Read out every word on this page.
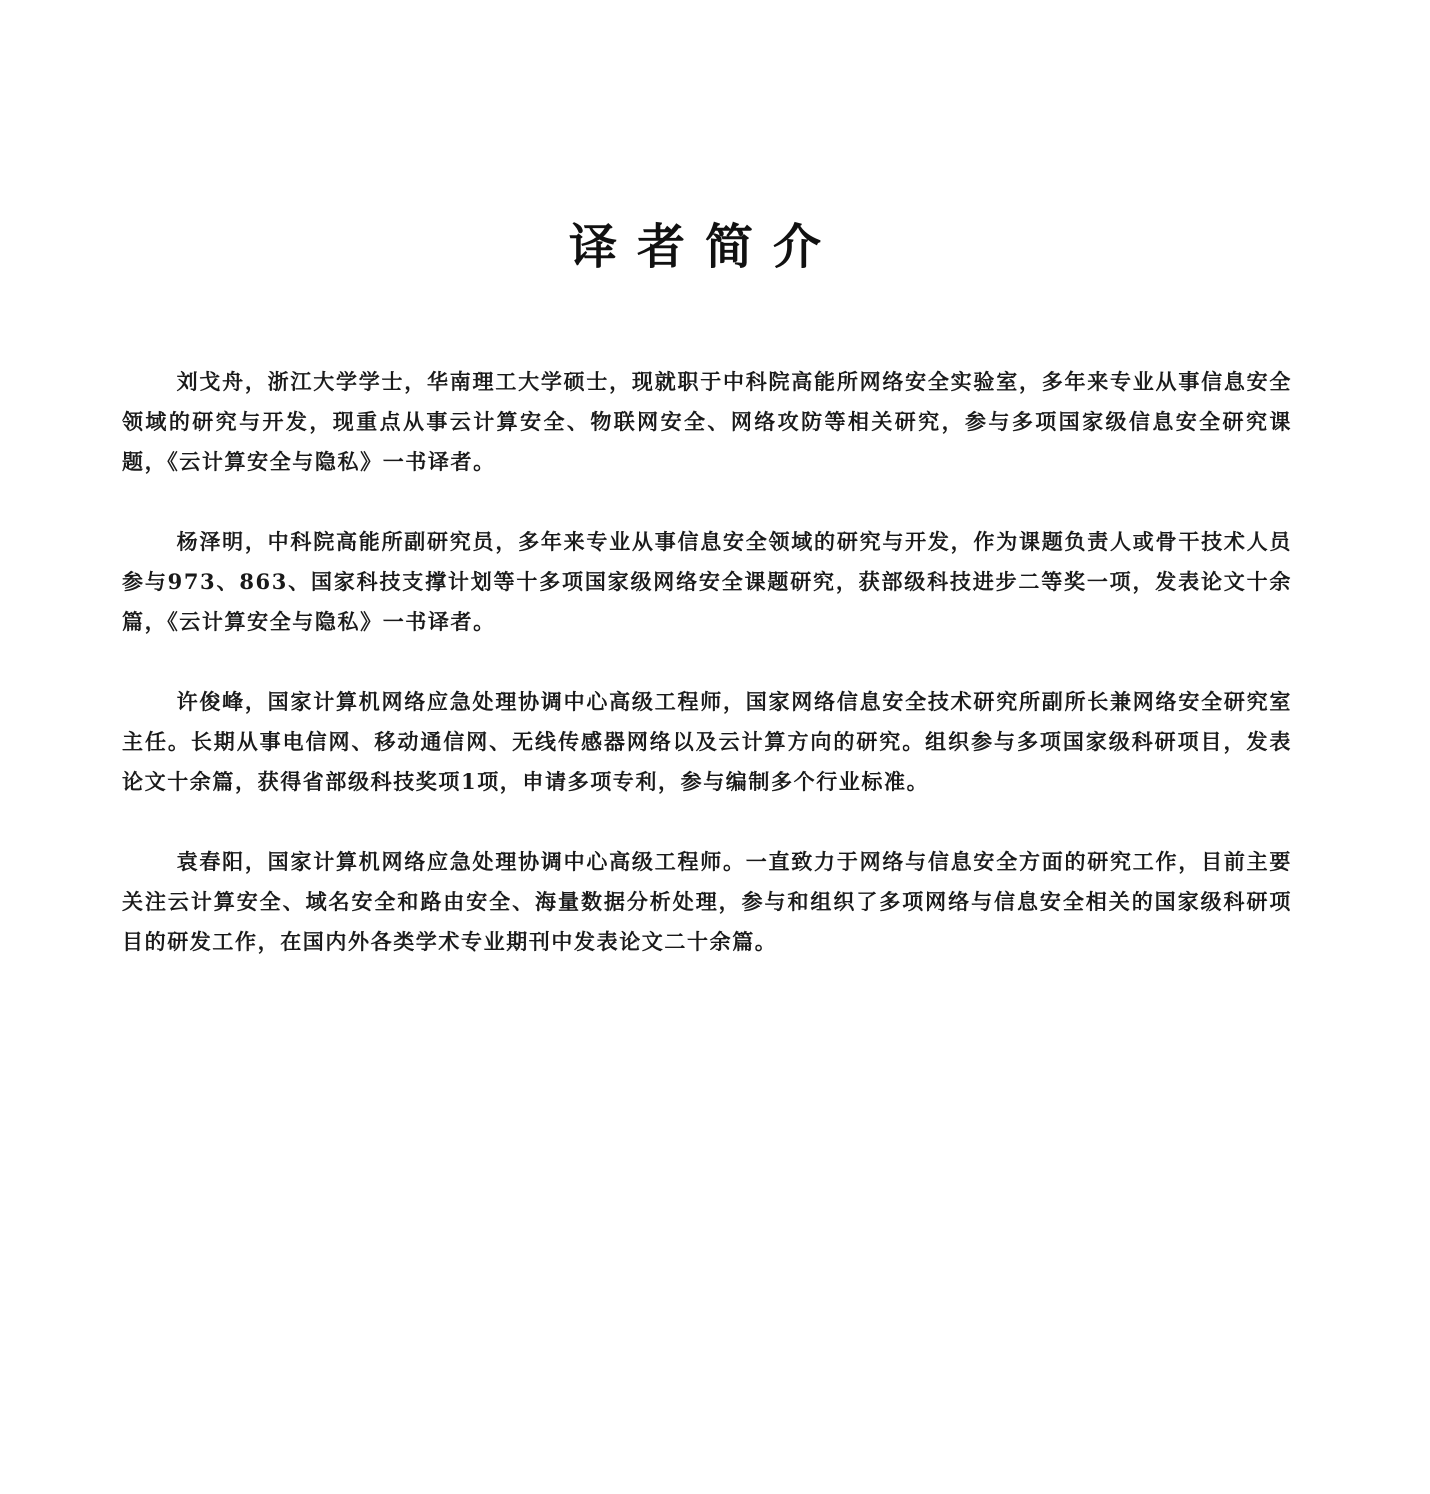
译者简介

刘戈舟，浙江大学学士，华南理工大学硕士，现就职于中科院高能所网络安全实验室，多年来专业从事信息安全领域的研究与开发，现重点从事云计算安全、物联网安全、网络攻防等相关研究，参与多项国家级信息安全研究课题，《云计算安全与隐私》一书译者。

杨泽明，中科院高能所副研究员，多年来专业从事信息安全领域的研究与开发，作为课题负责人或骨干技术人员参与973、863、国家科技支撑计划等十多项国家级网络安全课题研究，获部级科技进步二等奖一项，发表论文十余篇，《云计算安全与隐私》一书译者。

许俊峰，国家计算机网络应急处理协调中心高级工程师，国家网络信息安全技术研究所副所长兼网络安全研究室主任。长期从事电信网、移动通信网、无线传感器网络以及云计算方向的研究。组织参与多项国家级科研项目，发表论文十余篇，获得省部级科技奖项1项，申请多项专利，参与编制多个行业标准。

袁春阳，国家计算机网络应急处理协调中心高级工程师。一直致力于网络与信息安全方面的研究工作，目前主要关注云计算安全、域名安全和路由安全、海量数据分析处理，参与和组织了多项网络与信息安全相关的国家级科研项目的研发工作，在国内外各类学术专业期刊中发表论文二十余篇。
